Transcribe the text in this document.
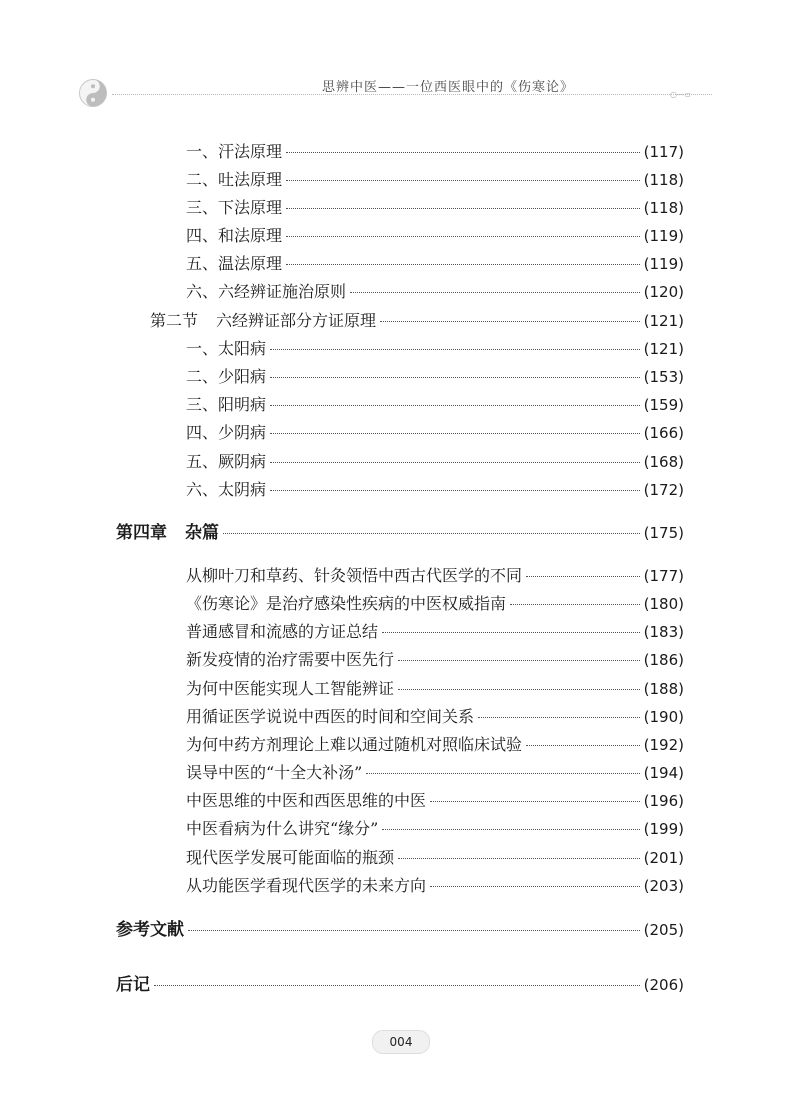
思辨中医——一位西医眼中的《伤寒论》	○—▫
一、汗法原理	(117)
二、吐法原理	(118)
三、下法原理	(118)
四、和法原理	(119)
五、温法原理	(119)
六、六经辨证施治原则	(120)
第二节 六经辨证部分方证原理	(121)
一、太阳病	(121)
二、少阳病	(153)
三、阳明病	(159)
四、少阴病	(166)
五、厥阴病	(168)
六、太阴病	(172)
第四章 杂篇	(175)
从柳叶刀和草药、针灸领悟中西古代医学的不同	(177)
《伤寒论》是治疗感染性疾病的中医权威指南	(180)
普通感冒和流感的方证总结	(183)
新发疫情的治疗需要中医先行	(186)
为何中医能实现人工智能辨证	(188)
用循证医学说说中西医的时间和空间关系	(190)
为何中药方剂理论上难以通过随机对照临床试验	(192)
误导中医的“十全大补汤”	(194)
中医思维的中医和西医思维的中医	(196)
中医看病为什么讲究“缘分”	(199)
现代医学发展可能面临的瓶颈	(201)
从功能医学看现代医学的未来方向	(203)
参考文献	(205)
后记	(206)
004
